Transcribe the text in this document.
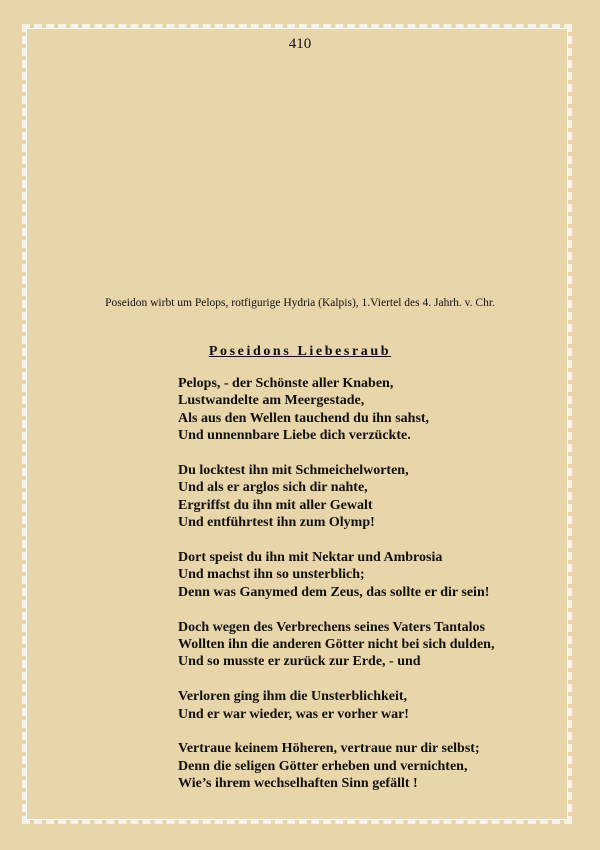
410
Poseidon wirbt um Pelops, rotfigurige Hydria (Kalpis), 1.Viertel des 4. Jahrh. v. Chr.
Poseidons Liebesraub
Pelops, - der Schönste aller Knaben,
Lustwandelte am Meergestade,
Als aus den Wellen tauchend du ihn sahst,
Und unnennbare Liebe dich verzückte.
Du locktest ihn mit Schmeichelworten,
Und als er arglos sich dir nahte,
Ergriffst du ihn mit aller Gewalt
Und entführtest ihn zum Olymp!
Dort speist du ihn mit Nektar und Ambrosia
Und machst ihn so unsterblich;
Denn was Ganymed dem Zeus, das sollte er dir sein!
Doch wegen des Verbrechens seines Vaters Tantalos
Wollten ihn die anderen Götter nicht bei sich dulden,
Und so musste er zurück zur Erde, - und
Verloren ging ihm die Unsterblichkeit,
Und er war wieder, was er vorher war!
Vertraue keinem Höheren, vertraue nur dir selbst;
Denn die seligen Götter erheben und vernichten,
Wie’s ihrem wechselhaften Sinn gefällt !
